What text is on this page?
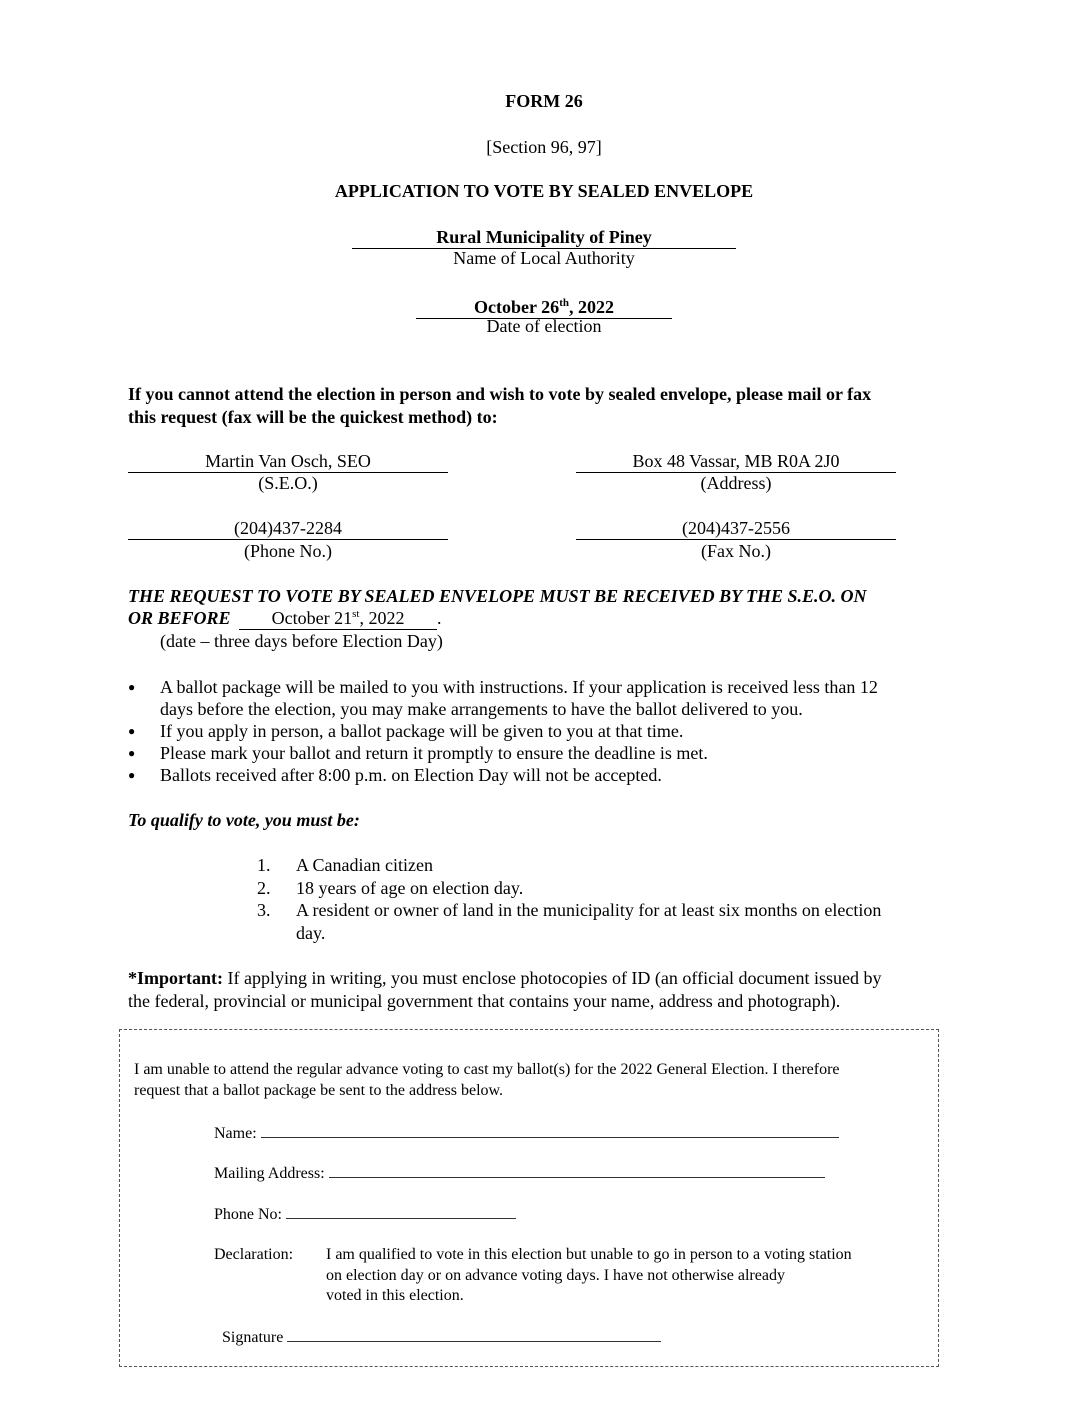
FORM 26
[Section 96, 97]
APPLICATION TO VOTE BY SEALED ENVELOPE
Rural Municipality of Piney
Name of Local Authority
October 26th, 2022
Date of election
If you cannot attend the election in person and wish to vote by sealed envelope, please mail or fax
this request (fax will be the quickest method) to:
Martin Van Osch, SEO
(S.E.O.)
Box 48 Vassar, MB R0A 2J0
(Address)
(204)437-2284
(Phone No.)
(204)437-2556
(Fax No.)
THE REQUEST TO VOTE BY SEALED ENVELOPE MUST BE RECEIVED BY THE S.E.O. ON
OR BEFORE October 21st, 2022 .
(date – three days before Election Day)
● A ballot package will be mailed to you with instructions. If your application is received less than 12
days before the election, you may make arrangements to have the ballot delivered to you.
● If you apply in person, a ballot package will be given to you at that time.
● Please mark your ballot and return it promptly to ensure the deadline is met.
● Ballots received after 8:00 p.m. on Election Day will not be accepted.
To qualify to vote, you must be:
1. A Canadian citizen
2. 18 years of age on election day.
3. A resident or owner of land in the municipality for at least six months on election
day.
*Important: If applying in writing, you must enclose photocopies of ID (an official document issued by
the federal, provincial or municipal government that contains your name, address and photograph).
I am unable to attend the regular advance voting to cast my ballot(s) for the 2022 General Election. I therefore
request that a ballot package be sent to the address below.
Name:
Mailing Address:
Phone No:
Declaration: I am qualified to vote in this election but unable to go in person to a voting station
on election day or on advance voting days. I have not otherwise already
voted in this election.
Signature
